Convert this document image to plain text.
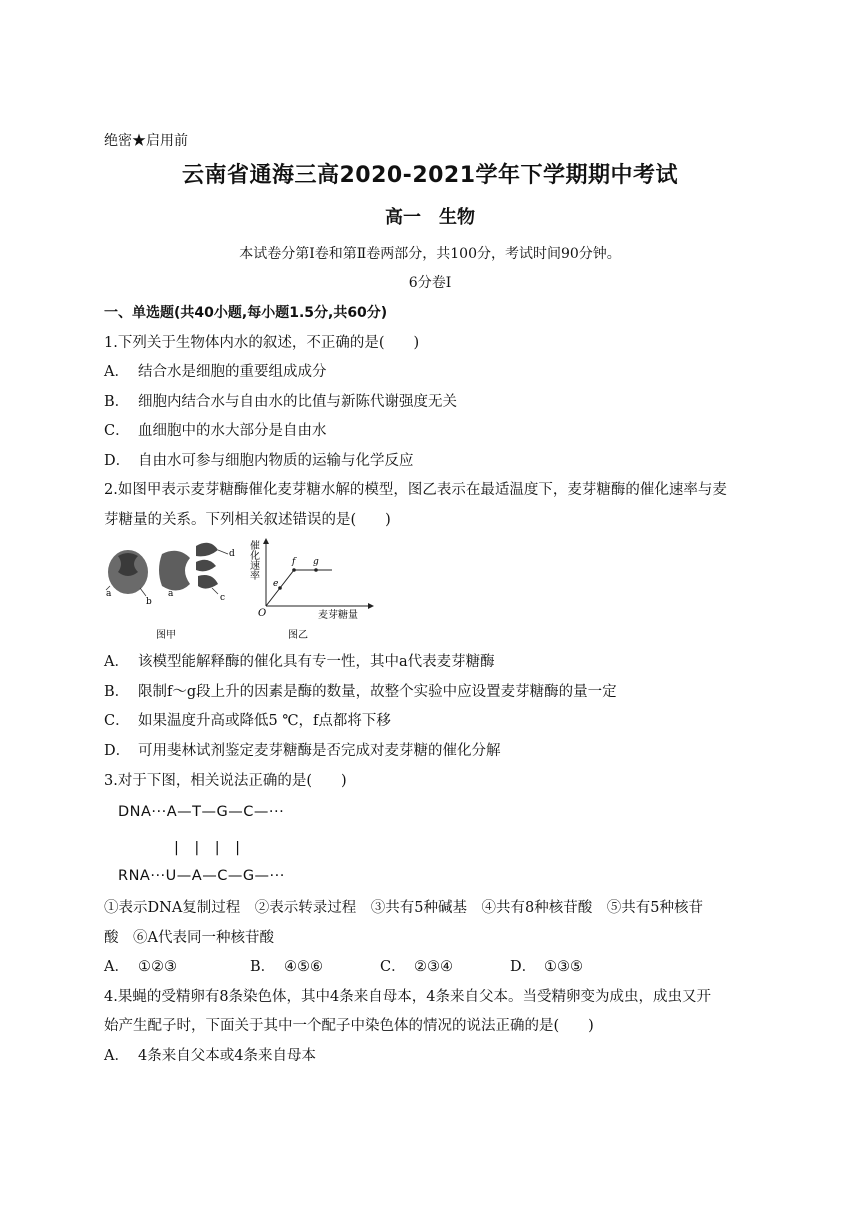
绝密★启用前
云南省通海三高2020-2021学年下学期期中考试
高一　生物
本试卷分第Ⅰ卷和第Ⅱ卷两部分，共100分，考试时间90分钟。
6分卷I
一、单选题(共40小题,每小题1.5分,共60分)
1.下列关于生物体内水的叙述，不正确的是(　　)
A． 结合水是细胞的重要组成成分
B． 细胞内结合水与自由水的比值与新陈代谢强度无关
C． 血细胞中的水大部分是自由水
D． 自由水可参与细胞内物质的运输与化学反应
2.如图甲表示麦芽糖酶催化麦芽糖水解的模型，图乙表示在最适温度下，麦芽糖酶的催化速率与麦
芽糖量的关系。下列相关叙述错误的是(　　)
a
b
a	c
d
图甲
e
f g
O	麦芽糖量
催化速率
图乙
A． 该模型能解释酶的催化具有专一性，其中a代表麦芽糖酶
B． 限制f～g段上升的因素是酶的数量，故整个实验中应设置麦芽糖酶的量一定
C． 如果温度升高或降低5 ℃，f点都将下移
D． 可用斐林试剂鉴定麦芽糖酶是否完成对麦芽糖的催化分解
3.对于下图，相关说法正确的是(　　)
DNA···A—T—G—C—···
|　|　|　|
RNA···U—A—C—G—···
①表示DNA复制过程　②表示转录过程　③共有5种碱基　④共有8种核苷酸　⑤共有5种核苷
酸　⑥A代表同一种核苷酸
A． ①②③	B． ④⑤⑥	C． ②③④	D． ①③⑤
4.果蝇的受精卵有8条染色体，其中4条来自母本，4条来自父本。当受精卵变为成虫，成虫又开
始产生配子时，下面关于其中一个配子中染色体的情况的说法正确的是(　　)
A． 4条来自父本或4条来自母本
